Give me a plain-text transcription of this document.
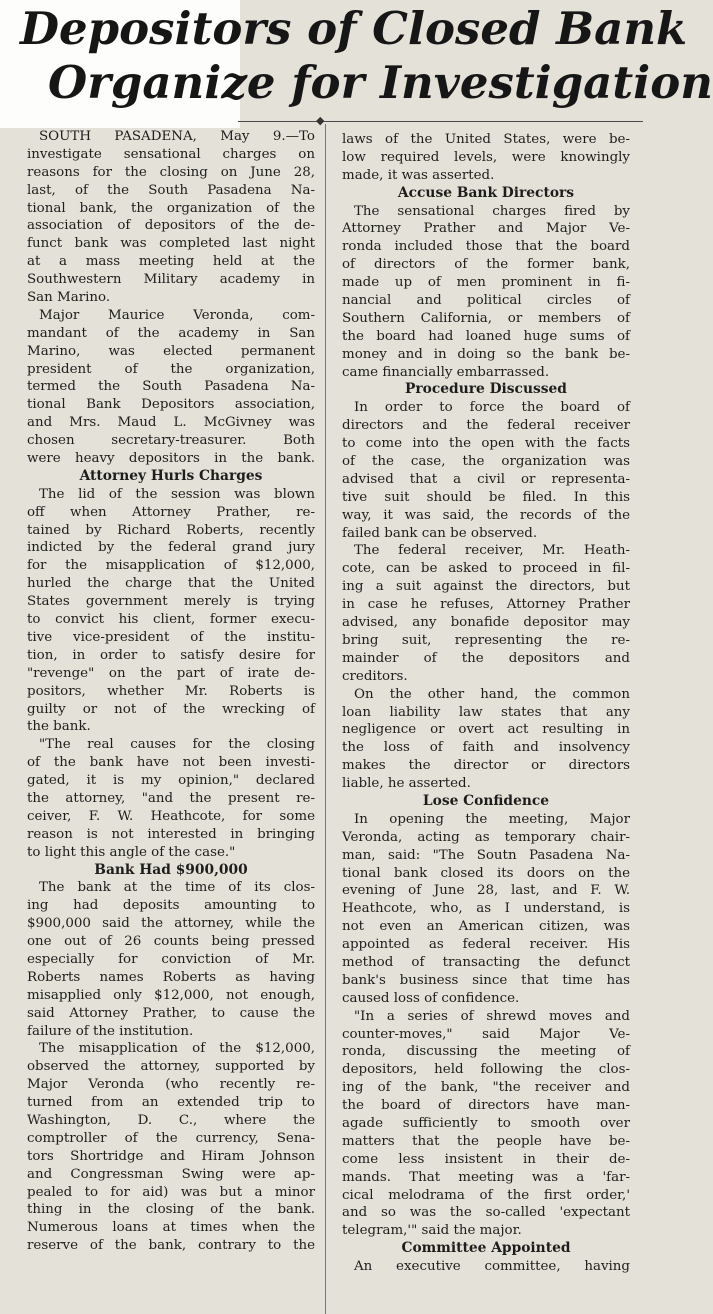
Depositors of Closed Bank
Organize for Investigation
◆
SOUTH PASADENA, May 9.—To
investigate sensational charges on
reasons for the closing on June 28,
last, of the South Pasadena Na-
tional bank, the organization of the
association of depositors of the de-
funct bank was completed last night
at a mass meeting held at the
Southwestern Military academy in
San Marino.
Major Maurice Veronda, com-
mandant of the academy in San
Marino, was elected permanent
president of the organization,
termed the South Pasadena Na-
tional Bank Depositors association,
and Mrs. Maud L. McGivney was
chosen secretary-treasurer. Both
were heavy depositors in the bank.
Attorney Hurls Charges
The lid of the session was blown
off when Attorney Prather, re-
tained by Richard Roberts, recently
indicted by the federal grand jury
for the misapplication of $12,000,
hurled the charge that the United
States government merely is trying
to convict his client, former execu-
tive vice-president of the institu-
tion, in order to satisfy desire for
"revenge" on the part of irate de-
positors, whether Mr. Roberts is
guilty or not of the wrecking of
the bank.
"The real causes for the closing
of the bank have not been investi-
gated, it is my opinion," declared
the attorney, "and the present re-
ceiver, F. W. Heathcote, for some
reason is not interested in bringing
to light this angle of the case."
Bank Had $900,000
The bank at the time of its clos-
ing had deposits amounting to
$900,000 said the attorney, while the
one out of 26 counts being pressed
especially for conviction of Mr.
Roberts names Roberts as having
misapplied only $12,000, not enough,
said Attorney Prather, to cause the
failure of the institution.
The misapplication of the $12,000,
observed the attorney, supported by
Major Veronda (who recently re-
turned from an extended trip to
Washington, D. C., where the
comptroller of the currency, Sena-
tors Shortridge and Hiram Johnson
and Congressman Swing were ap-
pealed to for aid) was but a minor
thing in the closing of the bank.
Numerous loans at times when the
reserve of the bank, contrary to the
laws of the United States, were be-
low required levels, were knowingly
made, it was asserted.
Accuse Bank Directors
The sensational charges fired by
Attorney Prather and Major Ve-
ronda included those that the board
of directors of the former bank,
made up of men prominent in fi-
nancial and political circles of
Southern California, or members of
the board had loaned huge sums of
money and in doing so the bank be-
came financially embarrassed.
Procedure Discussed
In order to force the board of
directors and the federal receiver
to come into the open with the facts
of the case, the organization was
advised that a civil or representa-
tive suit should be filed. In this
way, it was said, the records of the
failed bank can be observed.
The federal receiver, Mr. Heath-
cote, can be asked to proceed in fil-
ing a suit against the directors, but
in case he refuses, Attorney Prather
advised, any bonafide depositor may
bring suit, representing the re-
mainder of the depositors and
creditors.
On the other hand, the common
loan liability law states that any
negligence or overt act resulting in
the loss of faith and insolvency
makes the director or directors
liable, he asserted.
Lose Confidence
In opening the meeting, Major
Veronda, acting as temporary chair-
man, said: "The Soutn Pasadena Na-
tional bank closed its doors on the
evening of June 28, last, and F. W.
Heathcote, who, as I understand, is
not even an American citizen, was
appointed as federal receiver. His
method of transacting the defunct
bank's business since that time has
caused loss of confidence.
"In a series of shrewd moves and
counter-moves," said Major Ve-
ronda, discussing the meeting of
depositors, held following the clos-
ing of the bank, "the receiver and
the board of directors have man-
agade sufficiently to smooth over
matters that the people have be-
come less insistent in their de-
mands. That meeting was a 'far-
cical melodrama of the first order,'
and so was the so-called 'expectant
telegram,'" said the major.
Committee Appointed
An executive committee, having
